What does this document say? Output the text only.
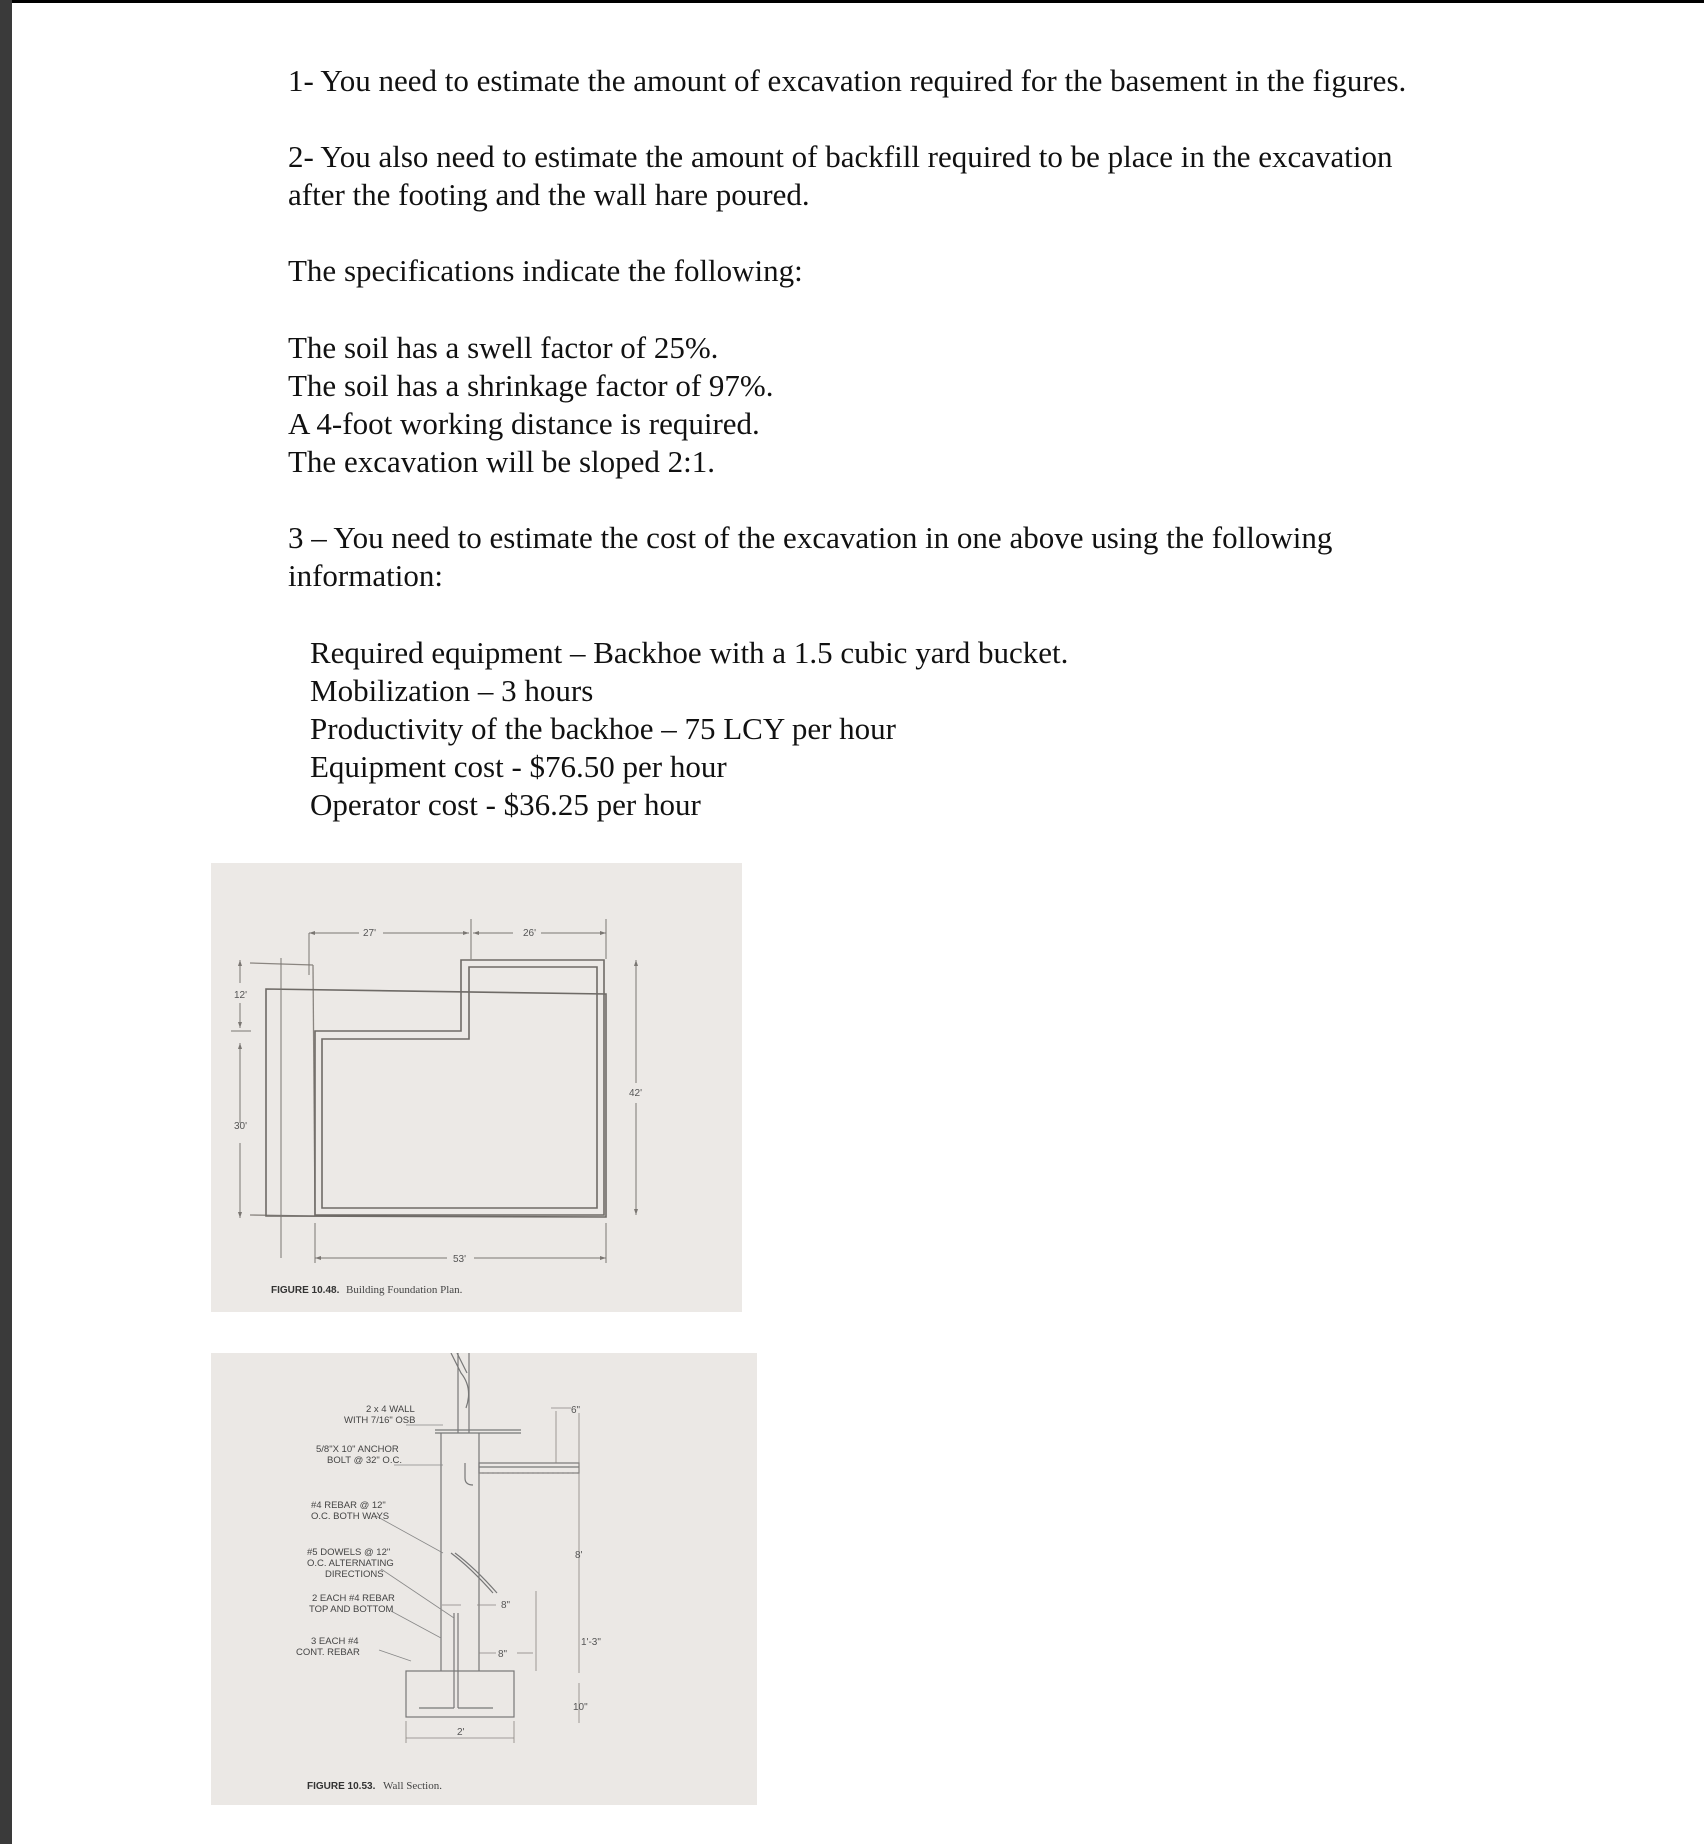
1- You need to estimate the amount of excavation required for the basement in the figures.
2- You also need to estimate the amount of backfill required to be place in the excavation
after the footing and the wall hare poured.
The specifications indicate the following:
The soil has a swell factor of 25%.
The soil has a shrinkage factor of 97%.
A 4-foot working distance is required.
The excavation will be sloped 2:1.
3 – You need to estimate the cost of the excavation in one above using the following
information:
Required equipment – Backhoe with a 1.5 cubic yard bucket.
Mobilization – 3 hours
Productivity of the backhoe – 75 LCY per hour
Equipment cost - $76.50 per hour
Operator cost - $36.25 per hour
27'	26'
12'
30'
42'
53'
FIGURE 10.48. Building Foundation Plan.
2 x 4 WALL
WITH 7/16" OSB
5/8"X 10" ANCHOR
BOLT @ 32" O.C.
#4 REBAR @ 12"
O.C. BOTH WAYS
#5 DOWELS @ 12"
O.C. ALTERNATING
DIRECTIONS
2 EACH #4 REBAR
TOP AND BOTTOM
3 EACH #4
CONT. REBAR
6"
8"
8'
1'-3"
8"
10"
2'
FIGURE 10.53. Wall Section.
